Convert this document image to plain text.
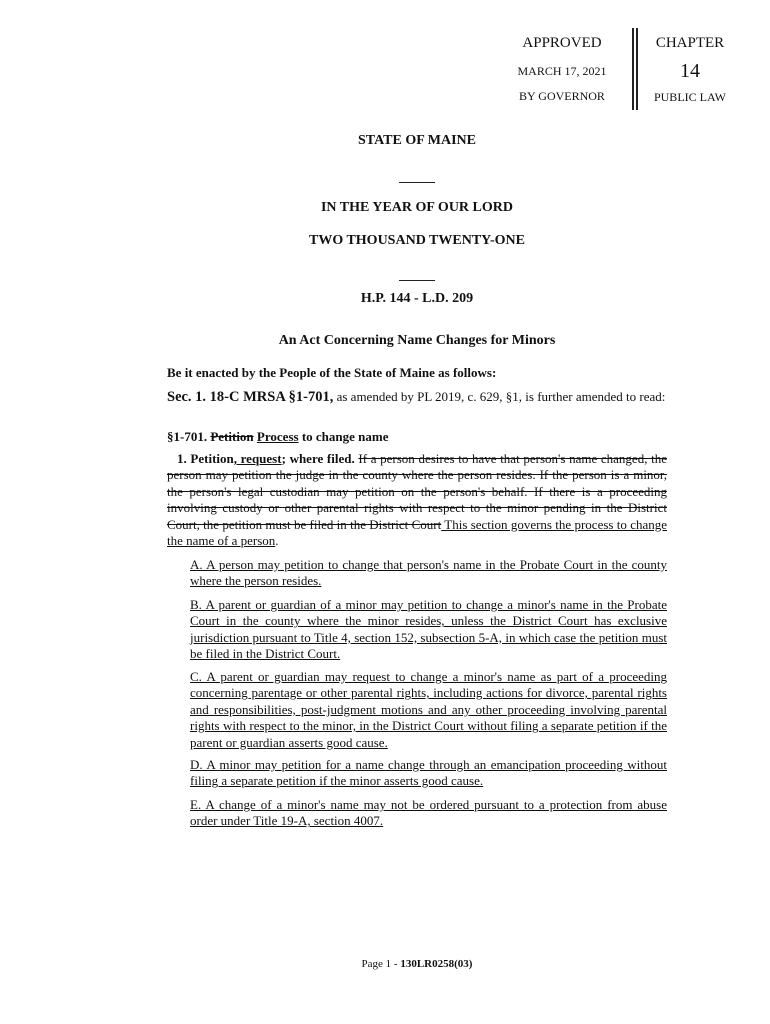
APPROVED
MARCH 17, 2021
BY GOVERNOR
CHAPTER
14
PUBLIC LAW
STATE OF MAINE
IN THE YEAR OF OUR LORD
TWO THOUSAND TWENTY-ONE
H.P. 144 - L.D. 209
An Act Concerning Name Changes for Minors
Be it enacted by the People of the State of Maine as follows:
Sec. 1. 18-C MRSA §1-701, as amended by PL 2019, c. 629, §1, is further amended to read:
§1-701. Petition Process to change name
1. Petition, request; where filed. If a person desires to have that person's name changed, the person may petition the judge in the county where the person resides. If the person is a minor, the person's legal custodian may petition on the person's behalf. If there is a proceeding involving custody or other parental rights with respect to the minor pending in the District Court, the petition must be filed in the District Court This section governs the process to change the name of a person.
A. A person may petition to change that person's name in the Probate Court in the county where the person resides.
B. A parent or guardian of a minor may petition to change a minor's name in the Probate Court in the county where the minor resides, unless the District Court has exclusive jurisdiction pursuant to Title 4, section 152, subsection 5-A, in which case the petition must be filed in the District Court.
C. A parent or guardian may request to change a minor's name as part of a proceeding concerning parentage or other parental rights, including actions for divorce, parental rights and responsibilities, post-judgment motions and any other proceeding involving parental rights with respect to the minor, in the District Court without filing a separate petition if the parent or guardian asserts good cause.
D. A minor may petition for a name change through an emancipation proceeding without filing a separate petition if the minor asserts good cause.
E. A change of a minor's name may not be ordered pursuant to a protection from abuse order under Title 19-A, section 4007.
Page 1 - 130LR0258(03)
